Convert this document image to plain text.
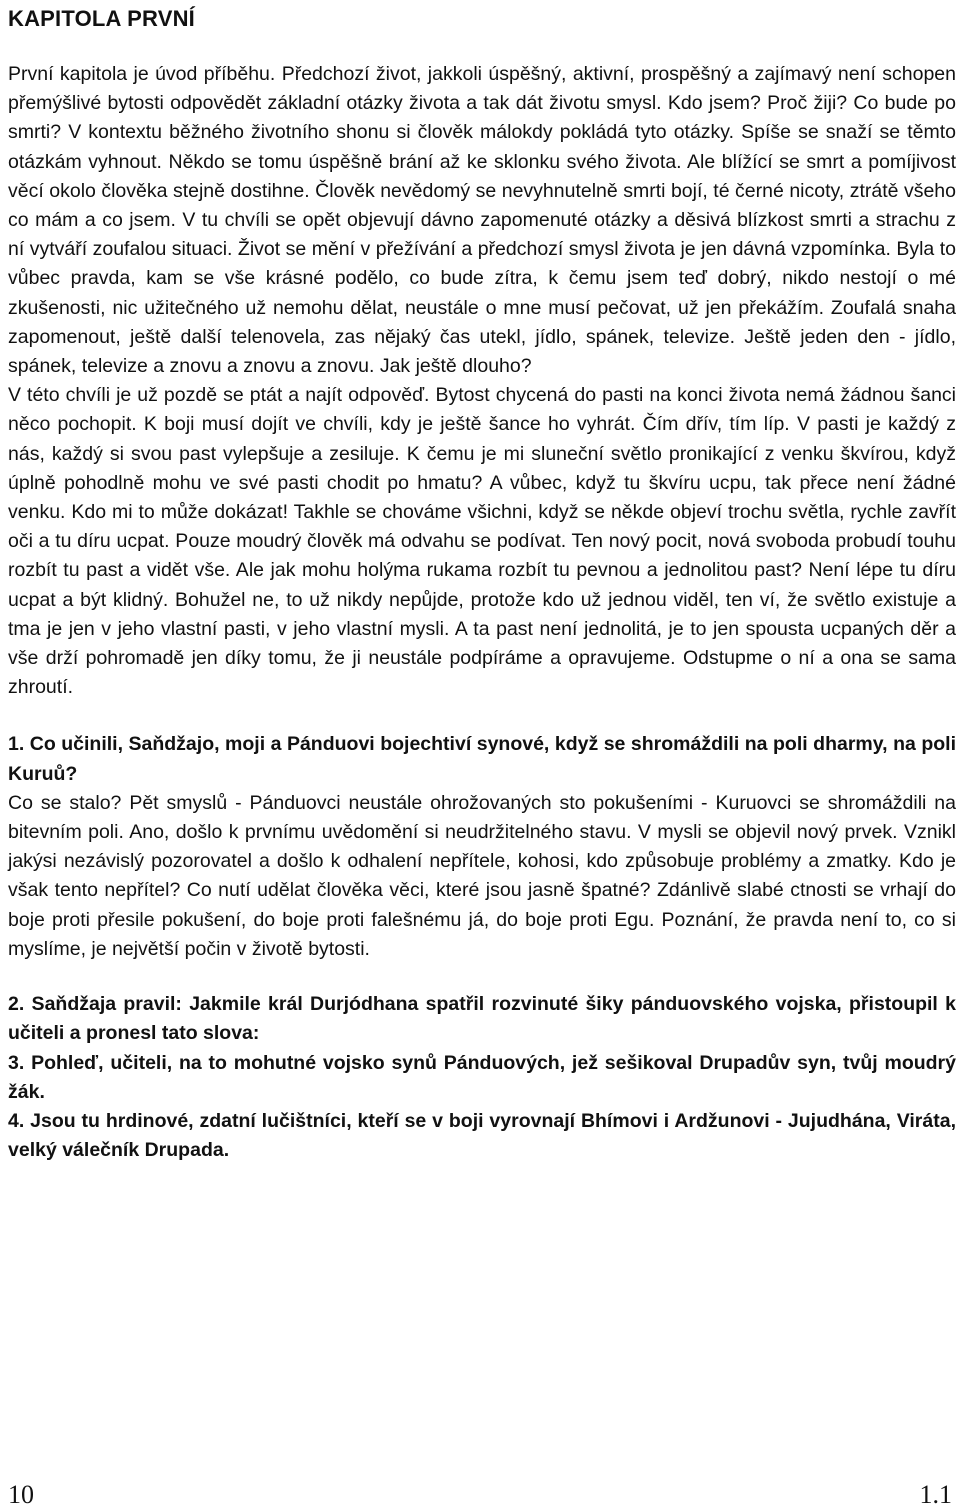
KAPITOLA PRVNÍ

První kapitola je úvod příběhu. Předchozí život, jakkoli úspěšný, aktivní, prospěšný a zajímavý není schopen přemýšlivé bytosti odpovědět základní otázky života a tak dát životu smysl. Kdo jsem? Proč žiji? Co bude po smrti? V kontextu běžného životního shonu si člověk málokdy pokládá tyto otázky. Spíše se snaží se těmto otázkám vyhnout. Někdo se tomu úspěšně brání až ke sklonku svého života. Ale blížící se smrt a pomíjivost věcí okolo člověka stejně dostihne. Člověk nevědomý se nevyhnutelně smrti bojí, té černé nicoty, ztrátě všeho co mám a co jsem. V tu chvíli se opět objevují dávno zapomenuté otázky a děsivá blízkost smrti a strachu z ní vytváří zoufalou situaci. Život se mění v přežívání a předchozí smysl života je jen dávná vzpomínka. Byla to vůbec pravda, kam se vše krásné podělo, co bude zítra, k čemu jsem teď dobrý, nikdo nestojí o mé zkušenosti, nic užitečného už nemohu dělat, neustále o mne musí pečovat, už jen překážím. Zoufalá snaha zapomenout, ještě další telenovela, zas nějaký čas utekl, jídlo, spánek, televize. Ještě jeden den - jídlo, spánek, televize a znovu a znovu a znovu. Jak ještě dlouho?

V této chvíli je už pozdě se ptát a najít odpověď. Bytost chycená do pasti na konci života nemá žádnou šanci něco pochopit. K boji musí dojít ve chvíli, kdy je ještě šance ho vyhrát. Čím dřív, tím líp. V pasti je každý z nás, každý si svou past vylepšuje a zesiluje. K čemu je mi sluneční světlo pronikající z venku škvírou, když úplně pohodlně mohu ve své pasti chodit po hmatu? A vůbec, když tu škvíru ucpu, tak přece není žádné venku. Kdo mi to může dokázat! Takhle se chováme všichni, když se někde objeví trochu světla, rychle zavřít oči a tu díru ucpat. Pouze moudrý člověk má odvahu se podívat. Ten nový pocit, nová svoboda probudí touhu rozbít tu past a vidět vše. Ale jak mohu holýma rukama rozbít tu pevnou a jednolitou past? Není lépe tu díru ucpat a být klidný. Bohužel ne, to už nikdy nepůjde, protože kdo už jednou viděl, ten ví, že světlo existuje a tma je jen v jeho vlastní pasti, v jeho vlastní mysli. A ta past není jednolitá, je to jen spousta ucpaných děr a vše drží pohromadě jen díky tomu, že ji neustále podpíráme a opravujeme. Odstupme o ní a ona se sama zhroutí.

1. Co učinili, Saňdžajo, moji a Pánduovi bojechtiví synové, když se shromáždili na poli dharmy, na poli Kuruů?

Co se stalo? Pět smyslů - Pánduovci neustále ohrožovaných sto pokušeními - Kuruovci se shromáždili na bitevním poli. Ano, došlo k prvnímu uvědomění si neudržitelného stavu. V mysli se objevil nový prvek. Vznikl jakýsi nezávislý pozorovatel a došlo k odhalení nepřítele, kohosi, kdo způsobuje problémy a zmatky. Kdo je však tento nepřítel? Co nutí udělat člověka věci, které jsou jasně špatné? Zdánlivě slabé ctnosti se vrhají do boje proti přesile pokušení, do boje proti falešnému já, do boje proti Egu. Poznání, že pravda není to, co si myslíme, je největší počin v životě bytosti.

2. Saňdžaja pravil: Jakmile král Durjódhana spatřil rozvinuté šiky pánduovského vojska, přistoupil k učiteli a pronesl tato slova:

3. Pohleď, učiteli, na to mohutné vojsko synů Pánduových, jež sešikoval Drupadův syn, tvůj moudrý žák.

4. Jsou tu hrdinové, zdatní lučištníci, kteří se v boji vyrovnají Bhímovi i Ardžunovi - Jujudhána, Viráta, velký válečník Drupada.

10	1.1
